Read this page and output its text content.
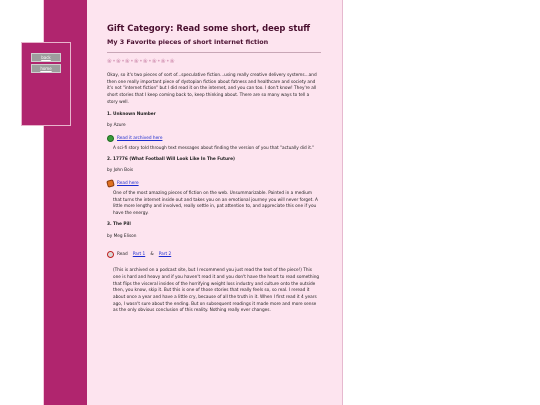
back
home
Gift Category: Read some short, deep stuff
My 3 Favorite pieces of short internet fiction
❀•❀•❀•❀•❀•❀•❀•❀

Okay, so it's two pieces of sort of...speculative fiction...using really creative delivery systems...and then one really important piece of dystopian fiction about fatness and healthcare and society and it's not "internet fiction" but I did read it on the internet, and you can too. I don't know! They're all short stories that I keep coming back to, keep thinking about. There are so many ways to tell a story well.

1. Unknown Number

by Azure

Read it archived here

A sci-fi story told through text messages about finding the version of you that "actually did it."

2. 17776 (What Football Will Look Like In The Future)

by John Bois

Read here

One of the most amazing pieces of fiction on the web. Unsummarizable. Painted in a medium that turns the internet inside out and takes you on an emotional journey you will never forget. A little more lengthy and involved, really settle in, pat attention to, and appreciate this one if you have the energy.

3. The Pill

by Meg Elison

Read
Part 1
&
Part 2

(This is archived on a podcast site, but I recommend you just read the text of the piece!) This one is hard and heavy and if you haven't read it and you don't have the heart to read something that flips the visceral insides of the horrifying weight loss industry and culture onto the outside then, you know, skip it. But this is one of those stories that really feels so, so real. I reread it about once a year and have a little cry, because of all the truth in it. When I first read it 4 years ago, I wasn't sure about the ending. But on subsequent readings it made more and more sense as the only obvious conclusion of this reality. Nothing really ever changes.
